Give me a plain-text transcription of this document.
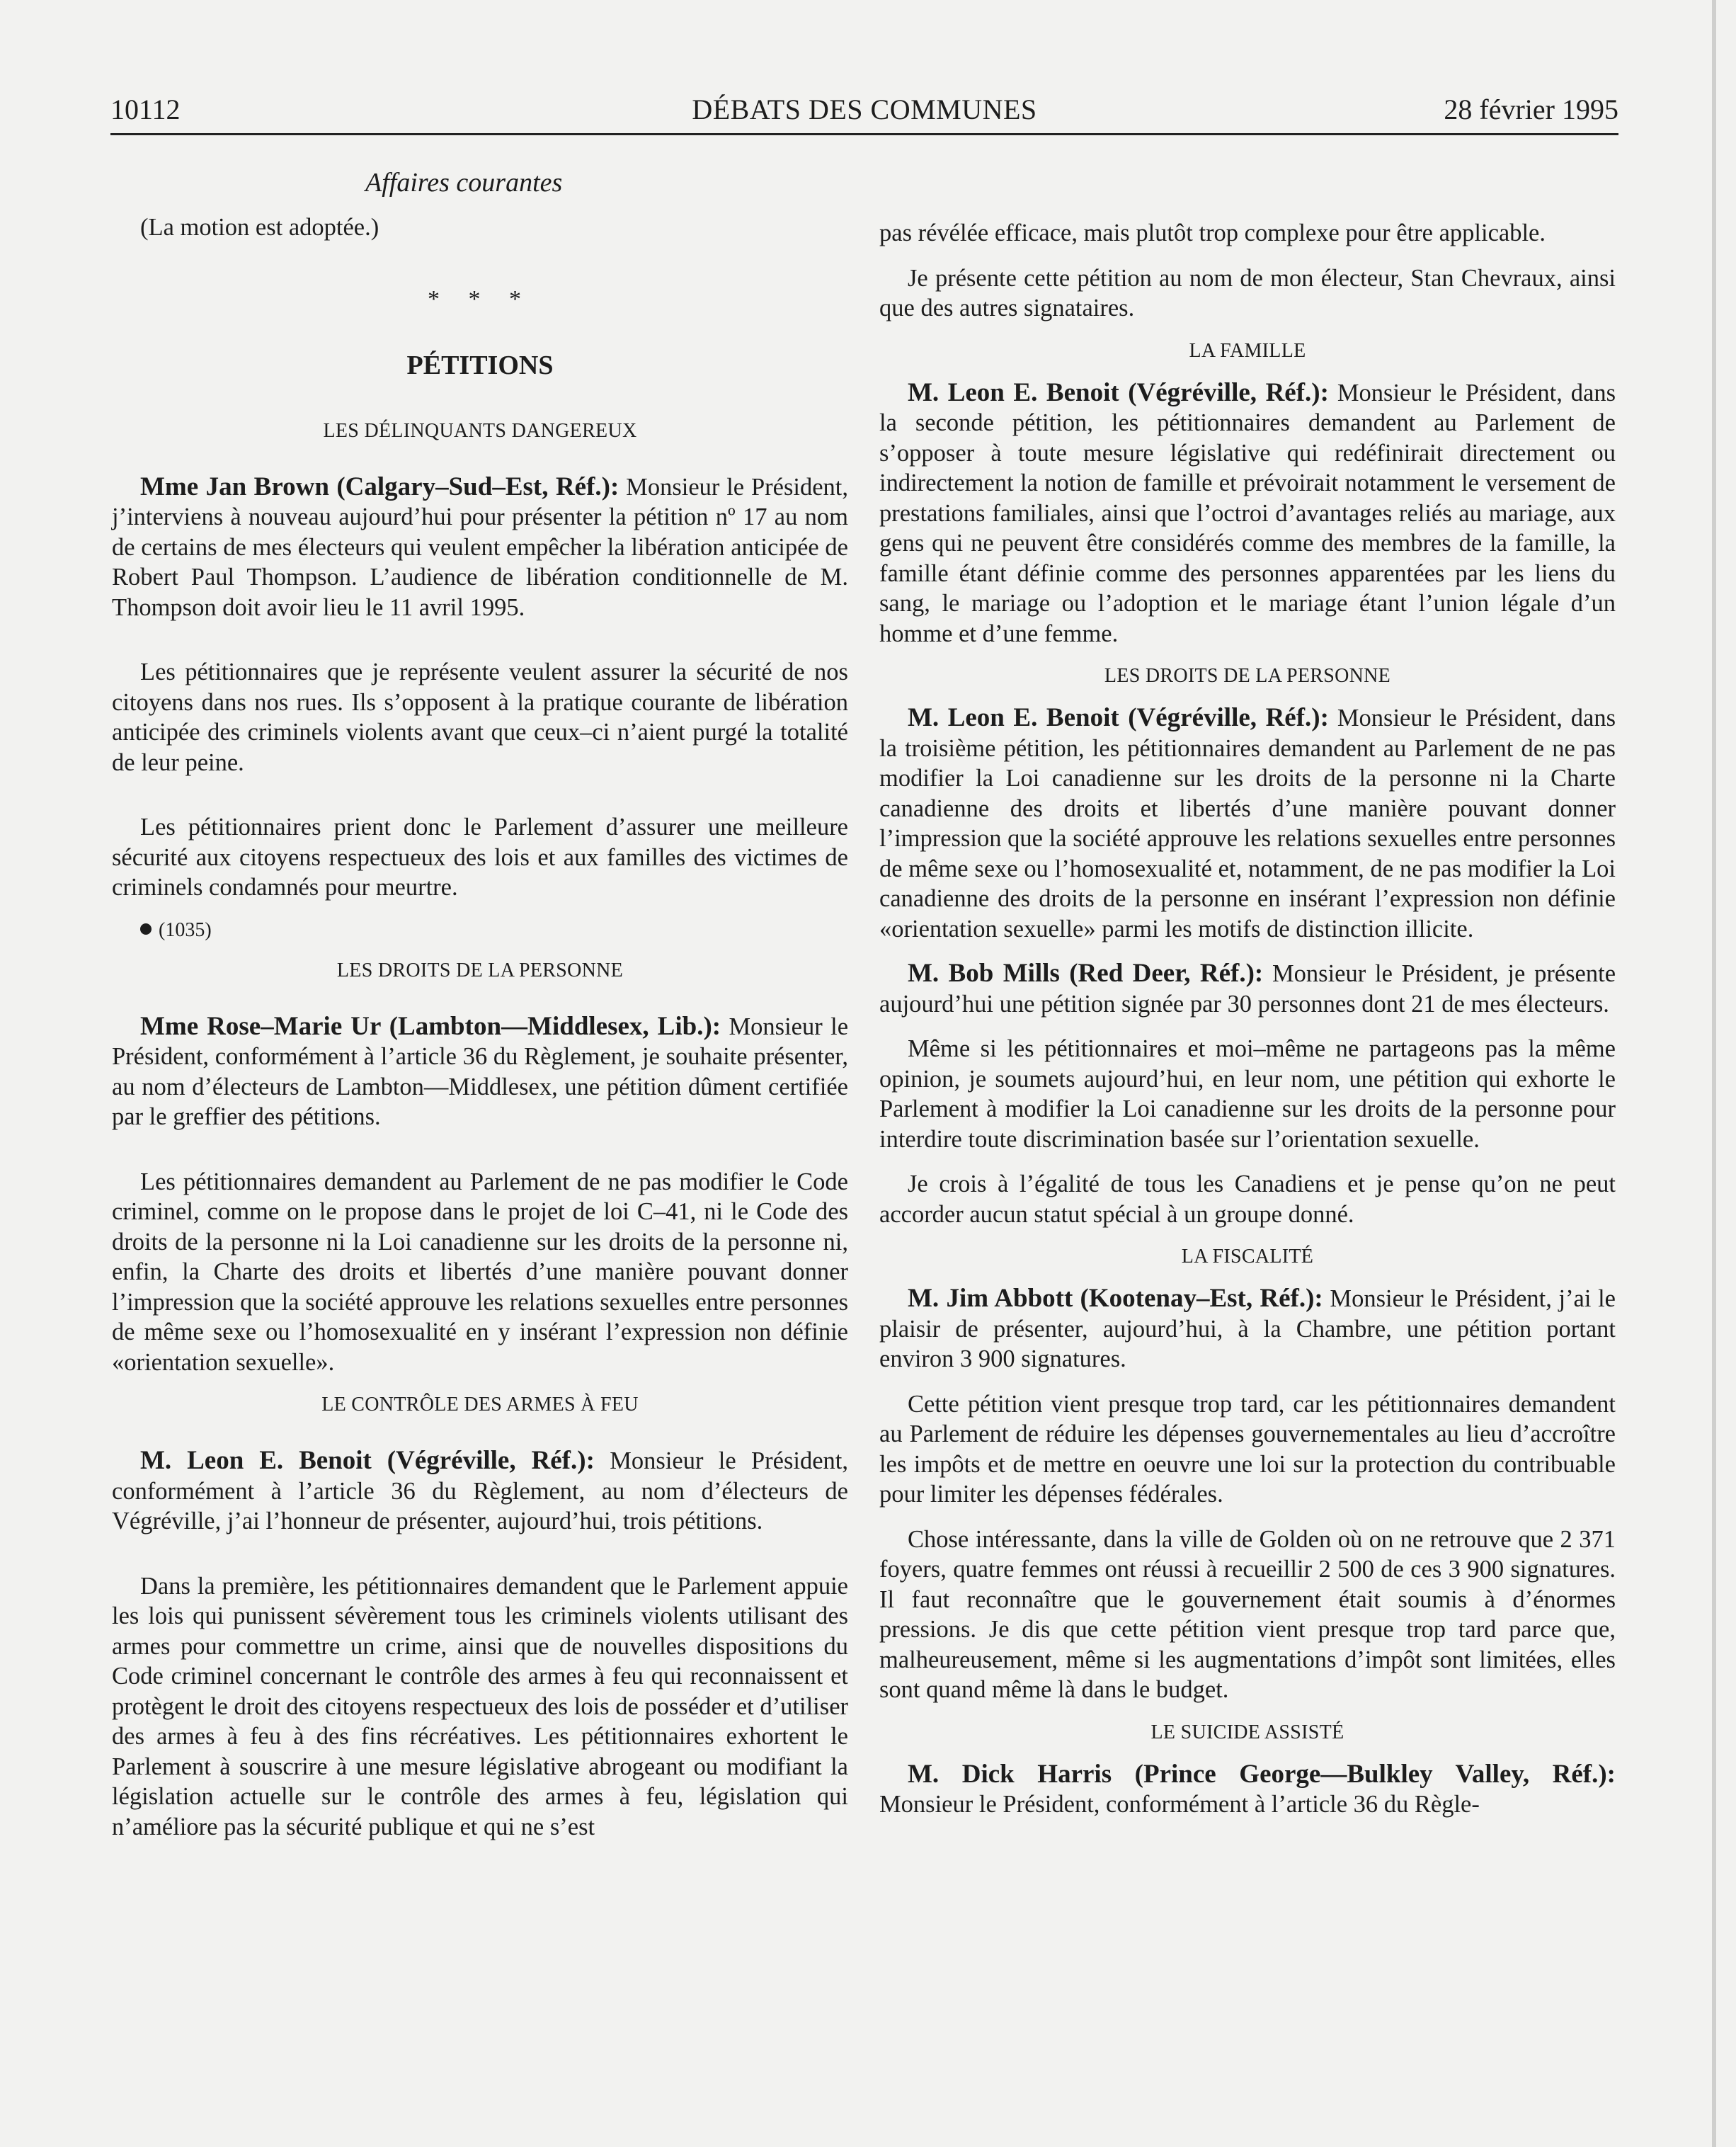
10112	DÉBATS DES COMMUNES	28 février 1995
Affaires courantes

(La motion est adoptée.)

* * *
PÉTITIONS
LES DÉLINQUANTS DANGEREUX

Mme Jan Brown (Calgary–Sud–Est, Réf.): Monsieur le Président, j’interviens à nouveau aujourd’hui pour présenter la pétition nº 17 au nom de certains de mes électeurs qui veulent empêcher la libération anticipée de Robert Paul Thompson. L’audience de libération conditionnelle de M. Thompson doit avoir lieu le 11 avril 1995.

Les pétitionnaires que je représente veulent assurer la sécurité de nos citoyens dans nos rues. Ils s’opposent à la pratique courante de libération anticipée des criminels violents avant que ceux–ci n’aient purgé la totalité de leur peine.

Les pétitionnaires prient donc le Parlement d’assurer une meilleure sécurité aux citoyens respectueux des lois et aux familles des victimes de criminels condamnés pour meurtre.

(1035)

LES DROITS DE LA PERSONNE

Mme Rose–Marie Ur (Lambton—Middlesex, Lib.): Monsieur le Président, conformément à l’article 36 du Règlement, je souhaite présenter, au nom d’électeurs de Lambton—Middlesex, une pétition dûment certifiée par le greffier des pétitions.

Les pétitionnaires demandent au Parlement de ne pas modifier le Code criminel, comme on le propose dans le projet de loi C–41, ni le Code des droits de la personne ni la Loi canadienne sur les droits de la personne ni, enfin, la Charte des droits et libertés d’une manière pouvant donner l’impression que la société approuve les relations sexuelles entre personnes de même sexe ou l’homosexualité en y insérant l’expression non définie «orientation sexuelle».

LE CONTRÔLE DES ARMES À FEU

M. Leon E. Benoit (Végréville, Réf.): Monsieur le Président, conformément à l’article 36 du Règlement, au nom d’électeurs de Végréville, j’ai l’honneur de présenter, aujourd’hui, trois pétitions.

Dans la première, les pétitionnaires demandent que le Parlement appuie les lois qui punissent sévèrement tous les criminels violents utilisant des armes pour commettre un crime, ainsi que de nouvelles dispositions du Code criminel concernant le contrôle des armes à feu qui reconnaissent et protègent le droit des citoyens respectueux des lois de posséder et d’utiliser des armes à feu à des fins récréatives. Les pétitionnaires exhortent le Parlement à souscrire à une mesure législative abrogeant ou modifiant la législation actuelle sur le contrôle des armes à feu, législation qui n’améliore pas la sécurité publique et qui ne s’est

pas révélée efficace, mais plutôt trop complexe pour être applicable.

Je présente cette pétition au nom de mon électeur, Stan Chevraux, ainsi que des autres signataires.

LA FAMILLE

M. Leon E. Benoit (Végréville, Réf.): Monsieur le Président, dans la seconde pétition, les pétitionnaires demandent au Parlement de s’opposer à toute mesure législative qui redéfinirait directement ou indirectement la notion de famille et prévoirait notamment le versement de prestations familiales, ainsi que l’octroi d’avantages reliés au mariage, aux gens qui ne peuvent être considérés comme des membres de la famille, la famille étant définie comme des personnes apparentées par les liens du sang, le mariage ou l’adoption et le mariage étant l’union légale d’un homme et d’une femme.

LES DROITS DE LA PERSONNE

M. Leon E. Benoit (Végréville, Réf.): Monsieur le Président, dans la troisième pétition, les pétitionnaires demandent au Parlement de ne pas modifier la Loi canadienne sur les droits de la personne ni la Charte canadienne des droits et libertés d’une manière pouvant donner l’impression que la société approuve les relations sexuelles entre personnes de même sexe ou l’homosexualité et, notamment, de ne pas modifier la Loi canadienne des droits de la personne en insérant l’expression non définie «orientation sexuelle» parmi les motifs de distinction illicite.

M. Bob Mills (Red Deer, Réf.): Monsieur le Président, je présente aujourd’hui une pétition signée par 30 personnes dont 21 de mes électeurs.

Même si les pétitionnaires et moi–même ne partageons pas la même opinion, je soumets aujourd’hui, en leur nom, une pétition qui exhorte le Parlement à modifier la Loi canadienne sur les droits de la personne pour interdire toute discrimination basée sur l’orientation sexuelle.

Je crois à l’égalité de tous les Canadiens et je pense qu’on ne peut accorder aucun statut spécial à un groupe donné.

LA FISCALITÉ

M. Jim Abbott (Kootenay–Est, Réf.): Monsieur le Président, j’ai le plaisir de présenter, aujourd’hui, à la Chambre, une pétition portant environ 3 900 signatures.

Cette pétition vient presque trop tard, car les pétitionnaires demandent au Parlement de réduire les dépenses gouvernementales au lieu d’accroître les impôts et de mettre en oeuvre une loi sur la protection du contribuable pour limiter les dépenses fédérales.

Chose intéressante, dans la ville de Golden où on ne retrouve que 2 371 foyers, quatre femmes ont réussi à recueillir 2 500 de ces 3 900 signatures. Il faut reconnaître que le gouvernement était soumis à d’énormes pressions. Je dis que cette pétition vient presque trop tard parce que, malheureusement, même si les augmentations d’impôt sont limitées, elles sont quand même là dans le budget.

LE SUICIDE ASSISTÉ

M. Dick Harris (Prince George—Bulkley Valley, Réf.): Monsieur le Président, conformément à l’article 36 du Règle-
